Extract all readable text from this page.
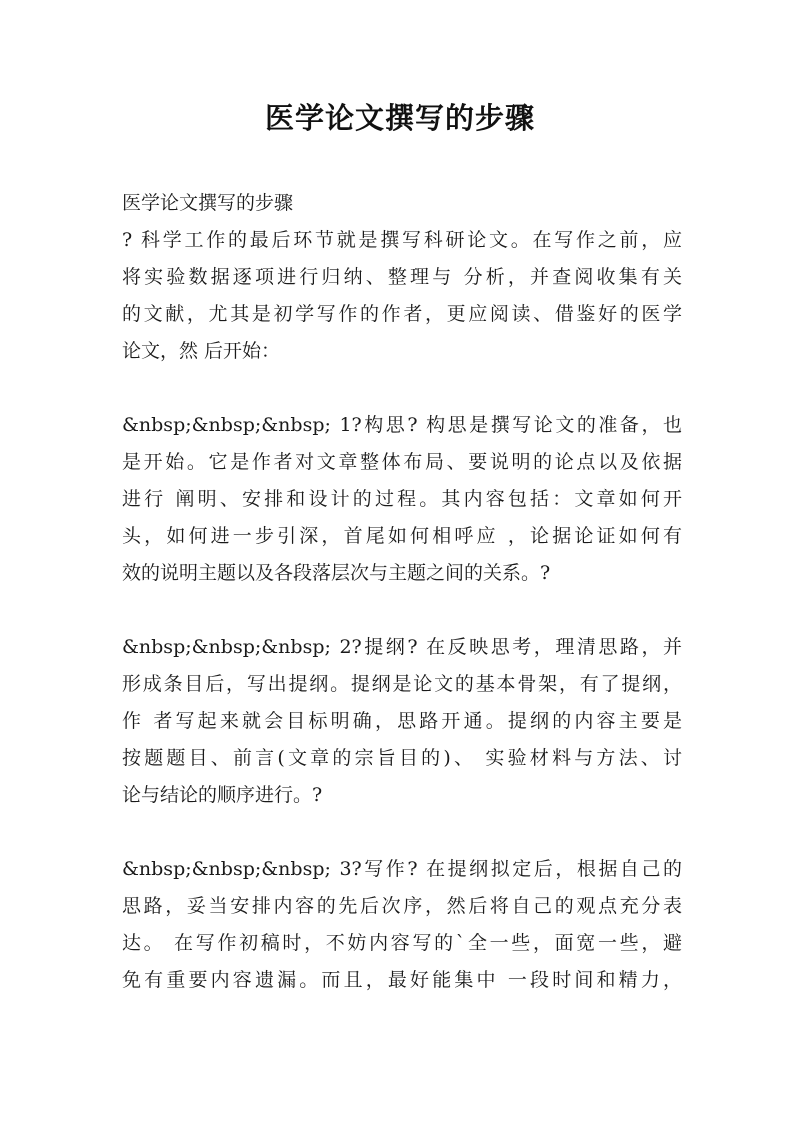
医学论文撰写的步骤
医学论文撰写的步骤
? 科学工作的最后环节就是撰写科研论文。在写作之前，应
将实验数据逐项进行归纳、整理与 分析，并查阅收集有关
的文献，尤其是初学写作的作者，更应阅读、借鉴好的医学
论文，然 后开始：
&nbsp;&nbsp;&nbsp; 1?构思? 构思是撰写论文的准备，也
是开始。它是作者对文章整体布局、要说明的论点以及依据
进行 阐明、安排和设计的过程。其内容包括：文章如何开
头，如何进一步引深，首尾如何相呼应 ，论据论证如何有
效的说明主题以及各段落层次与主题之间的关系。?
&nbsp;&nbsp;&nbsp; 2?提纲? 在反映思考，理清思路，并
形成条目后，写出提纲。提纲是论文的基本骨架，有了提纲，
作 者写起来就会目标明确，思路开通。提纲的内容主要是
按题题目、前言(文章的宗旨目的)、 实验材料与方法、讨
论与结论的顺序进行。?
&nbsp;&nbsp;&nbsp; 3?写作? 在提纲拟定后，根据自己的
思路，妥当安排内容的先后次序，然后将自己的观点充分表
达。 在写作初稿时，不妨内容写的`全一些，面宽一些，避
免有重要内容遗漏。而且，最好能集中 一段时间和精力，
